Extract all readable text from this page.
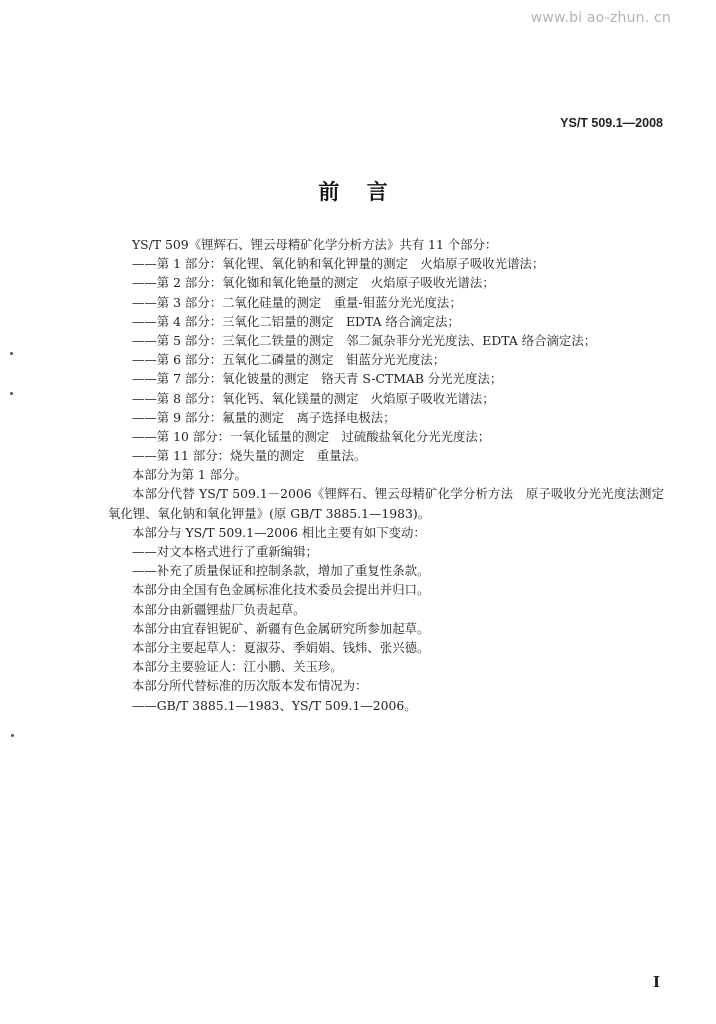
www.bi ao-zhun. cn
YS/T 509.1—2008
前 言
YS/T 509《锂辉石、锂云母精矿化学分析方法》共有 11 个部分：
——第 1 部分：氧化锂、氧化钠和氧化钾量的测定　火焰原子吸收光谱法；
——第 2 部分：氧化铷和氧化铯量的测定　火焰原子吸收光谱法；
——第 3 部分：二氧化硅量的测定　重量-钼蓝分光光度法；
——第 4 部分：三氧化二铝量的测定　EDTA 络合滴定法；
——第 5 部分：三氧化二铁量的测定　邻二氮杂菲分光光度法、EDTA 络合滴定法；
——第 6 部分：五氧化二磷量的测定　钼蓝分光光度法；
——第 7 部分：氧化铍量的测定　铬天青 S-CTMAB 分光光度法；
——第 8 部分：氧化钙、氧化镁量的测定　火焰原子吸收光谱法；
——第 9 部分：氟量的测定　离子选择电极法；
——第 10 部分：一氧化锰量的测定　过硫酸盐氧化分光光度法；
——第 11 部分：烧失量的测定　重量法。
本部分为第 1 部分。
本部分代替 YS/T 509.1－2006《锂辉石、锂云母精矿化学分析方法　原子吸收分光光度法测定氧化锂、氧化钠和氧化钾量》(原 GB/T 3885.1—1983)。
本部分与 YS/T 509.1—2006 相比主要有如下变动：
——对文本格式进行了重新编辑；
——补充了质量保证和控制条款，增加了重复性条款。
本部分由全国有色金属标准化技术委员会提出并归口。
本部分由新疆锂盐厂负责起草。
本部分由宜春钽铌矿、新疆有色金属研究所参加起草。
本部分主要起草人：夏淑芬、季娟娟、钱炜、张兴德。
本部分主要验证人：江小鹏、关玉珍。
本部分所代替标准的历次版本发布情况为：
——GB/T 3885.1—1983、YS/T 509.1—2006。
I
